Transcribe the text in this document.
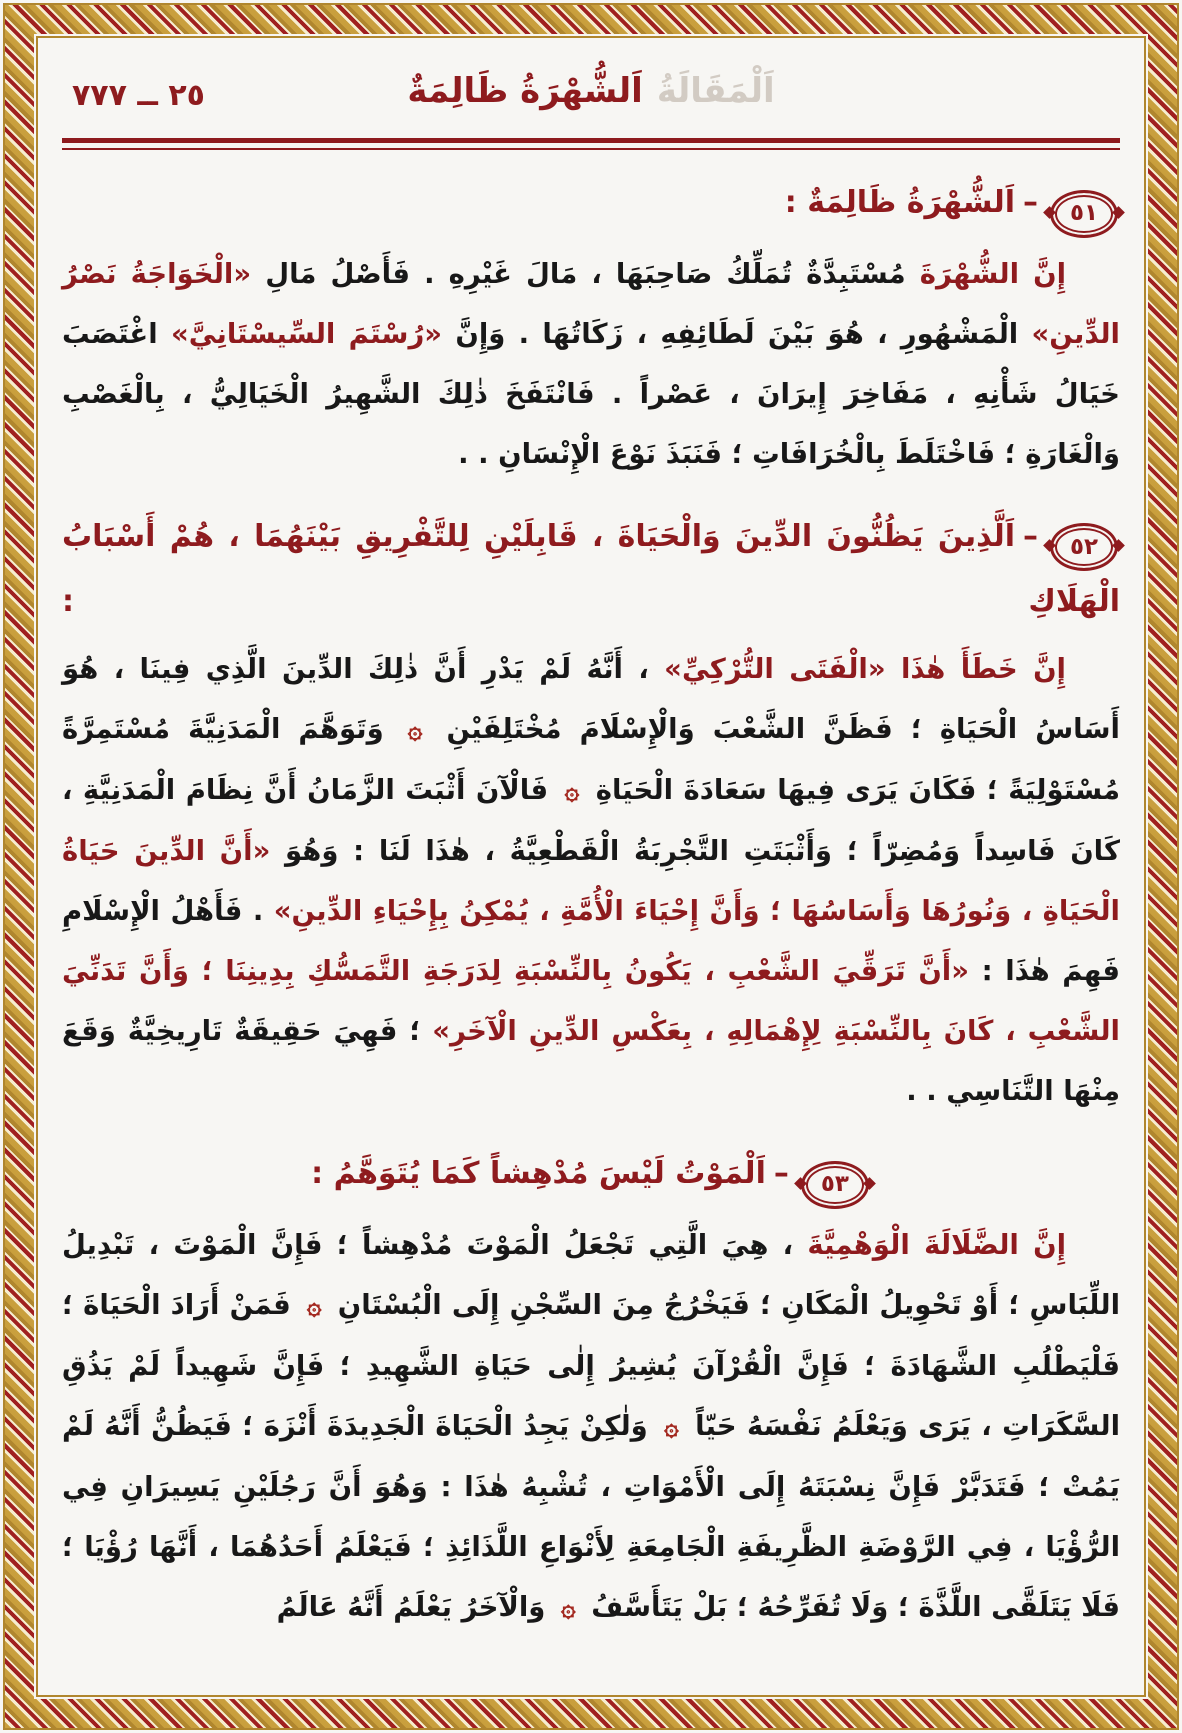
٢٥ ــ ٧٧٧	اَلْمَقَالَةُاَلشُّهْرَةُ ظَالِمَةٌ
٥١
–اَلشُّهْرَةُ ظَالِمَةٌ :

إِنَّ الشُّهْرَةَ مُسْتَبِدَّةٌ تُمَلِّكُ صَاحِبَهَا ، مَالَ غَيْرِهِ . فَأَصْلُ مَالِ «الْخَوَاجَةُ نَصْرُ الدِّينِ» الْمَشْهُورِ ، هُوَ بَيْنَ لَطَائِفِهِ ، زَكَاتُهَا . وَإِنَّ «رُسْتَمَ السِّيسْتَانِيَّ» اغْتَصَبَ خَيَالُ شَأْنِهِ ، مَفَاخِرَ إِيرَانَ ، عَصْراً . فَانْتَفَخَ ذٰلِكَ الشَّهِيرُ الْخَيَالِيُّ ، بِالْغَصْبِ وَالْغَارَةِ ؛ فَاخْتَلَطَ بِالْخُرَافَاتِ ؛ فَنَبَذَ نَوْعَ الْإِنْسَانِ . .

٥٢
–اَلَّذِينَ يَظُنُّونَ الدِّينَ وَالْحَيَاةَ ، قَابِلَيْنِ لِلتَّفْرِيقِ بَيْنَهُمَا ، هُمْ أَسْبَابُ
الْهَلَاكِ :

إِنَّ خَطَأَ هٰذَا «الْفَتَى التُّرْكِيِّ» ، أَنَّهُ لَمْ يَدْرِ أَنَّ ذٰلِكَ الدِّينَ الَّذِي فِينَا ، هُوَ أَسَاسُ الْحَيَاةِ ؛ فَظَنَّ الشَّعْبَ وَالْإِسْلَامَ مُخْتَلِفَيْنِ ۞ وَتَوَهَّمَ الْمَدَنِيَّةَ مُسْتَمِرَّةً مُسْتَوْلِيَةً ؛ فَكَانَ يَرَى فِيهَا سَعَادَةَ الْحَيَاةِ ۞ فَالْآنَ أَثْبَتَ الزَّمَانُ أَنَّ نِظَامَ الْمَدَنِيَّةِ ، كَانَ فَاسِداً وَمُضِرّاً ؛ وَأَثْبَتَتِ التَّجْرِبَةُ الْقَطْعِيَّةُ ، هٰذَا لَنَا : وَهُوَ «أَنَّ الدِّينَ حَيَاةُ الْحَيَاةِ ، وَنُورُهَا وَأَسَاسُهَا ؛ وَأَنَّ إِحْيَاءَ الْأُمَّةِ ، يُمْكِنُ بِإِحْيَاءِ الدِّينِ» . فَأَهْلُ الْإِسْلَامِ فَهِمَ هٰذَا : «أَنَّ تَرَقِّيَ الشَّعْبِ ، يَكُونُ بِالنِّسْبَةِ لِدَرَجَةِ التَّمَسُّكِ بِدِينِنَا ؛ وَأَنَّ تَدَنِّيَ الشَّعْبِ ، كَانَ بِالنِّسْبَةِ لِإِهْمَالِهِ ، بِعَكْسِ الدِّينِ الْآخَرِ» ؛ فَهِيَ حَقِيقَةٌ تَارِيخِيَّةٌ وَقَعَ مِنْهَا التَّنَاسِي . .

٥٣
–اَلْمَوْتُ لَيْسَ مُدْهِشاً كَمَا يُتَوَهَّمُ :

إِنَّ الضَّلَالَةَ الْوَهْمِيَّةَ ، هِيَ الَّتِي تَجْعَلُ الْمَوْتَ مُدْهِشاً ؛ فَإِنَّ الْمَوْتَ ، تَبْدِيلُ اللِّبَاسِ ؛ أَوْ تَحْوِيلُ الْمَكَانِ ؛ فَيَخْرُجُ مِنَ السِّجْنِ إِلَى الْبُسْتَانِ ۞ فَمَنْ أَرَادَ الْحَيَاةَ ؛ فَلْيَطْلُبِ الشَّهَادَةَ ؛ فَإِنَّ الْقُرْآنَ يُشِيرُ إِلٰى حَيَاةِ الشَّهِيدِ ؛ فَإِنَّ شَهِيداً لَمْ يَذُقِ السَّكَرَاتِ ، يَرَى وَيَعْلَمُ نَفْسَهُ حَيّاً ۞ وَلٰكِنْ يَجِدُ الْحَيَاةَ الْجَدِيدَةَ أَنْزَهَ ؛ فَيَظُنُّ أَنَّهُ لَمْ يَمُتْ ؛ فَتَدَبَّرْ فَإِنَّ نِسْبَتَهُ إِلَى الْأَمْوَاتِ ، تُشْبِهُ هٰذَا : وَهُوَ أَنَّ رَجُلَيْنِ يَسِيرَانِ فِي الرُّؤْيَا ، فِي الرَّوْضَةِ الظَّرِيفَةِ الْجَامِعَةِ لِأَنْوَاعِ اللَّذَائِذِ ؛ فَيَعْلَمُ أَحَدُهُمَا ، أَنَّهَا رُؤْيَا ؛ فَلَا يَتَلَقَّى اللَّذَّةَ ؛ وَلَا تُفَرِّحُهُ ؛ بَلْ يَتَأَسَّفُ ۞ وَالْآخَرُ يَعْلَمُ أَنَّهُ عَالَمُ
